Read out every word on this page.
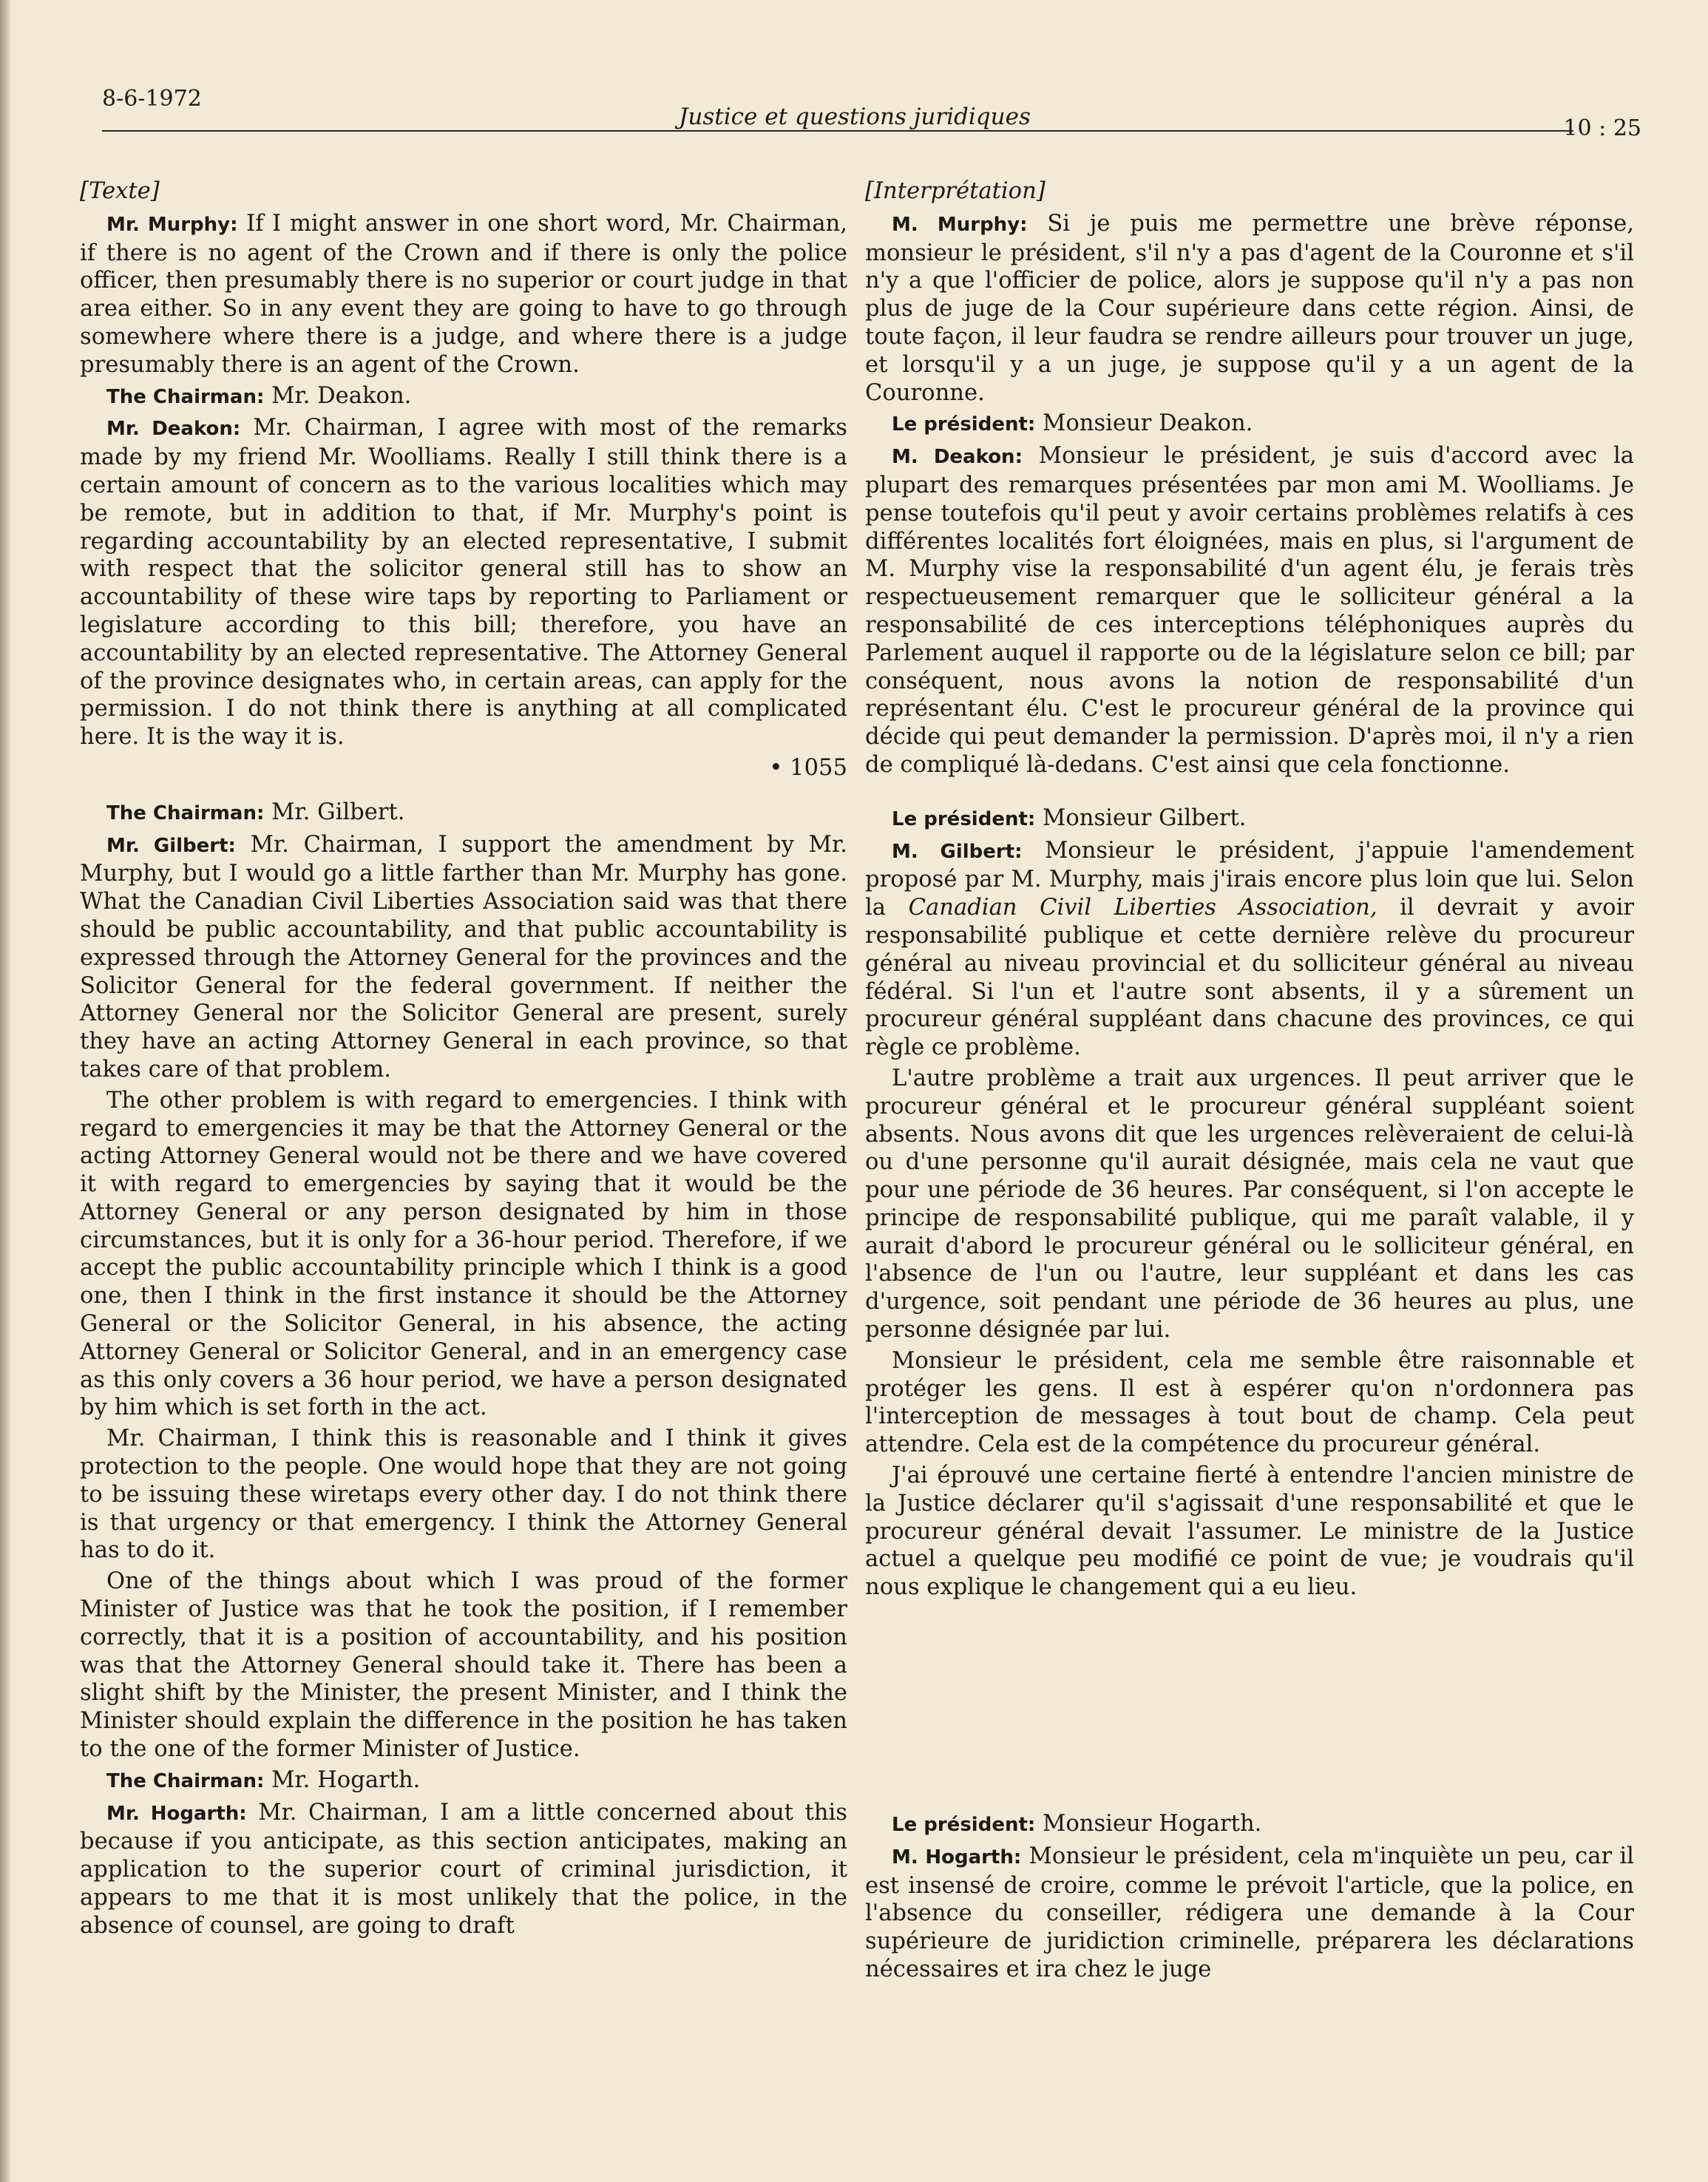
8-6-1972
Justice et questions juridiques	10 : 25

[Texte]

Mr. Murphy: If I might answer in one short word, Mr. Chairman, if there is no agent of the Crown and if there is only the police officer, then presumably there is no superior or court judge in that area either. So in any event they are going to have to go through somewhere where there is a judge, and where there is a judge presumably there is an agent of the Crown.

The Chairman: Mr. Deakon.

Mr. Deakon: Mr. Chairman, I agree with most of the remarks made by my friend Mr. Woolliams. Really I still think there is a certain amount of concern as to the various localities which may be remote, but in addition to that, if Mr. Murphy's point is regarding accountability by an elected representative, I submit with respect that the solicitor general still has to show an accountability of these wire taps by reporting to Parliament or legislature according to this bill; therefore, you have an accountability by an elected representative. The Attorney General of the province designates who, in certain areas, can apply for the permission. I do not think there is anything at all complicated here. It is the way it is.

• 1055

The Chairman: Mr. Gilbert.

Mr. Gilbert: Mr. Chairman, I support the amendment by Mr. Murphy, but I would go a little farther than Mr. Murphy has gone. What the Canadian Civil Liberties Association said was that there should be public accountability, and that public accountability is expressed through the Attorney General for the provinces and the Solicitor General for the federal government. If neither the Attorney General nor the Solicitor General are present, surely they have an acting Attorney General in each province, so that takes care of that problem.

The other problem is with regard to emergencies. I think with regard to emergencies it may be that the Attorney General or the acting Attorney General would not be there and we have covered it with regard to emergencies by saying that it would be the Attorney General or any person designated by him in those circumstances, but it is only for a 36-hour period. Therefore, if we accept the public accountability principle which I think is a good one, then I think in the first instance it should be the Attorney General or the Solicitor General, in his absence, the acting Attorney General or Solicitor General, and in an emergency case as this only covers a 36 hour period, we have a person designated by him which is set forth in the act.

Mr. Chairman, I think this is reasonable and I think it gives protection to the people. One would hope that they are not going to be issuing these wiretaps every other day. I do not think there is that urgency or that emergency. I think the Attorney General has to do it.

One of the things about which I was proud of the former Minister of Justice was that he took the position, if I remember correctly, that it is a position of accountability, and his position was that the Attorney General should take it. There has been a slight shift by the Minister, the present Minister, and I think the Minister should explain the difference in the position he has taken to the one of the former Minister of Justice.

The Chairman: Mr. Hogarth.

Mr. Hogarth: Mr. Chairman, I am a little concerned about this because if you anticipate, as this section anticipates, making an application to the superior court of criminal jurisdiction, it appears to me that it is most unlikely that the police, in the absence of counsel, are going to draft

[Interprétation]

M. Murphy: Si je puis me permettre une brève réponse, monsieur le président, s'il n'y a pas d'agent de la Couronne et s'il n'y a que l'officier de police, alors je suppose qu'il n'y a pas non plus de juge de la Cour supérieure dans cette région. Ainsi, de toute façon, il leur faudra se rendre ailleurs pour trouver un juge, et lorsqu'il y a un juge, je suppose qu'il y a un agent de la Couronne.

Le président: Monsieur Deakon.

M. Deakon: Monsieur le président, je suis d'accord avec la plupart des remarques présentées par mon ami M. Woolliams. Je pense toutefois qu'il peut y avoir certains problèmes relatifs à ces différentes localités fort éloignées, mais en plus, si l'argument de M. Murphy vise la responsabilité d'un agent élu, je ferais très respectueusement remarquer que le solliciteur général a la responsabilité de ces interceptions téléphoniques auprès du Parlement auquel il rapporte ou de la législature selon ce bill; par conséquent, nous avons la notion de responsabilité d'un représentant élu. C'est le procureur général de la province qui décide qui peut demander la permission. D'après moi, il n'y a rien de compliqué là-dedans. C'est ainsi que cela fonctionne.

Le président: Monsieur Gilbert.

M. Gilbert: Monsieur le président, j'appuie l'amendement proposé par M. Murphy, mais j'irais encore plus loin que lui. Selon la Canadian Civil Liberties Association, il devrait y avoir responsabilité publique et cette dernière relève du procureur général au niveau provincial et du solliciteur général au niveau fédéral. Si l'un et l'autre sont absents, il y a sûrement un procureur général suppléant dans chacune des provinces, ce qui règle ce problème.

L'autre problème a trait aux urgences. Il peut arriver que le procureur général et le procureur général suppléant soient absents. Nous avons dit que les urgences relèveraient de celui-là ou d'une personne qu'il aurait désignée, mais cela ne vaut que pour une période de 36 heures. Par conséquent, si l'on accepte le principe de responsabilité publique, qui me paraît valable, il y aurait d'abord le procureur général ou le solliciteur général, en l'absence de l'un ou l'autre, leur suppléant et dans les cas d'urgence, soit pendant une période de 36 heures au plus, une personne désignée par lui.

Monsieur le président, cela me semble être raisonnable et protéger les gens. Il est à espérer qu'on n'ordonnera pas l'interception de messages à tout bout de champ. Cela peut attendre. Cela est de la compétence du procureur général.

J'ai éprouvé une certaine fierté à entendre l'ancien ministre de la Justice déclarer qu'il s'agissait d'une responsabilité et que le procureur général devait l'assumer. Le ministre de la Justice actuel a quelque peu modifié ce point de vue; je voudrais qu'il nous explique le changement qui a eu lieu.

Le président: Monsieur Hogarth.

M. Hogarth: Monsieur le président, cela m'inquiète un peu, car il est insensé de croire, comme le prévoit l'article, que la police, en l'absence du conseiller, rédigera une demande à la Cour supérieure de juridiction criminelle, préparera les déclarations nécessaires et ira chez le juge
